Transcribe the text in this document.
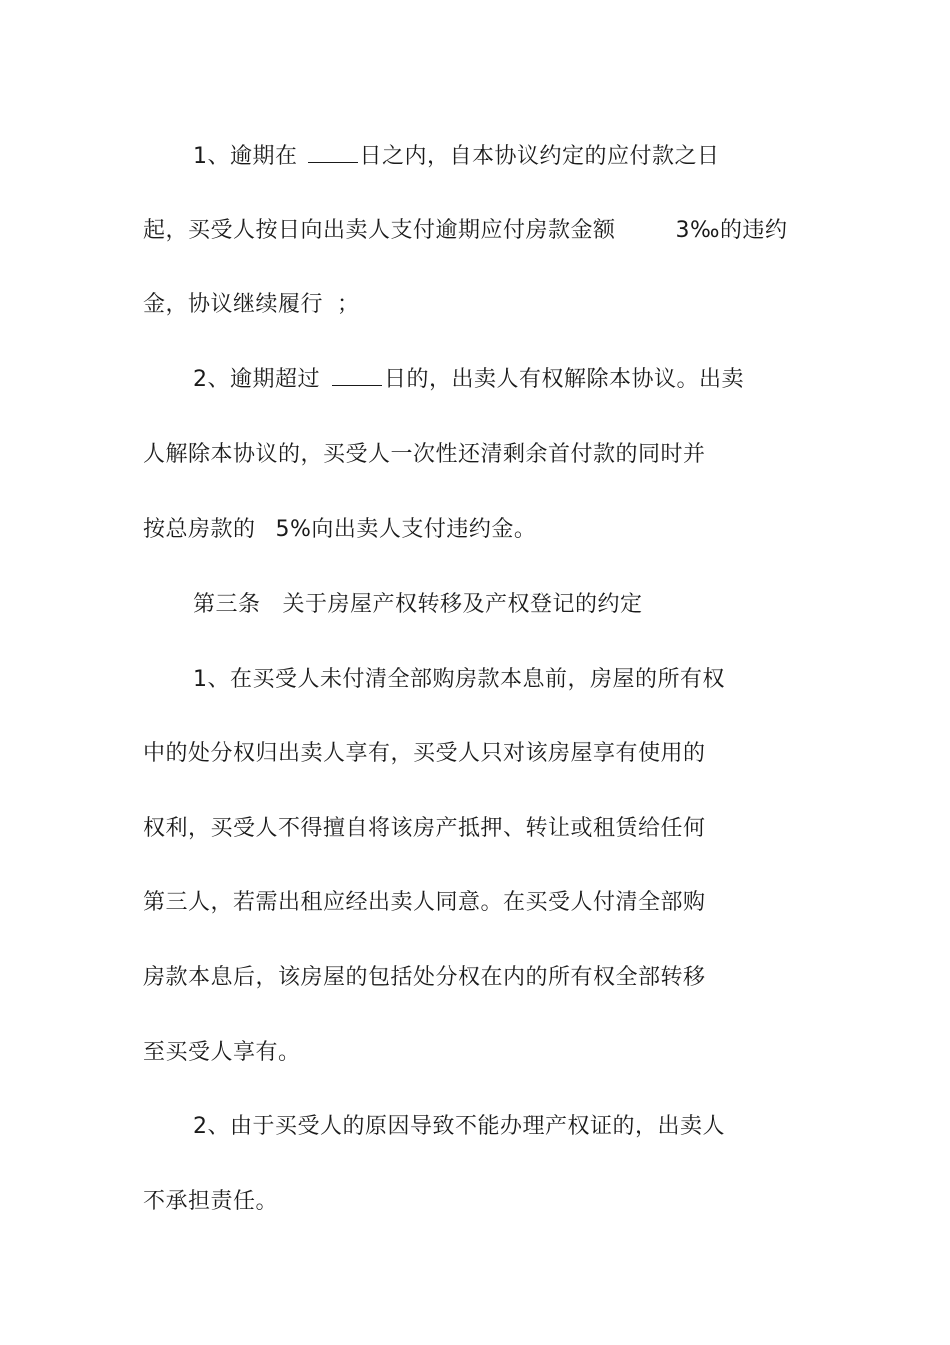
1、逾期在	日之内，自本协议约定的应付款之日
起，买受人按日向出卖人支付逾期应付房款金额	3‰的违约
金，协议继续履行 ；
2、逾期超过	日的，出卖人有权解除本协议。出卖
人解除本协议的，买受人一次性还清剩余首付款的同时并
按总房款的 5%向出卖人支付违约金。
第三条 关于房屋产权转移及产权登记的约定
1、在买受人未付清全部购房款本息前，房屋的所有权
中的处分权归出卖人享有，买受人只对该房屋享有使用的
权利，买受人不得擅自将该房产抵押、转让或租赁给任何
第三人，若需出租应经出卖人同意。在买受人付清全部购
房款本息后，该房屋的包括处分权在内的所有权全部转移
至买受人享有。
2、由于买受人的原因导致不能办理产权证的，出卖人
不承担责任。
